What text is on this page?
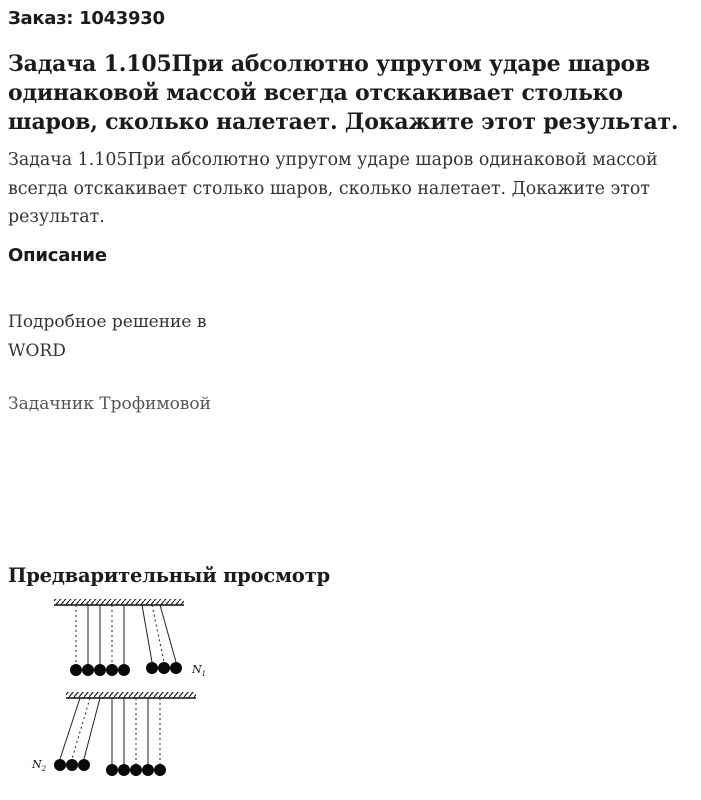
Заказ: 1043930
Задача 1.105При абсолютно упругом ударе шаров одинаковой массой всегда отскакивает столько шаров, сколько налетает. Докажите этот результат.

Задача 1.105При абсолютно упругом ударе шаров одинаковой массой всегда отскакивает столько шаров, сколько налетает. Докажите этот результат.

Описание

Подробное решение в
WORD

Задачник Трофимовой

Предварительный просмотр
$N_1$
$N_2$
